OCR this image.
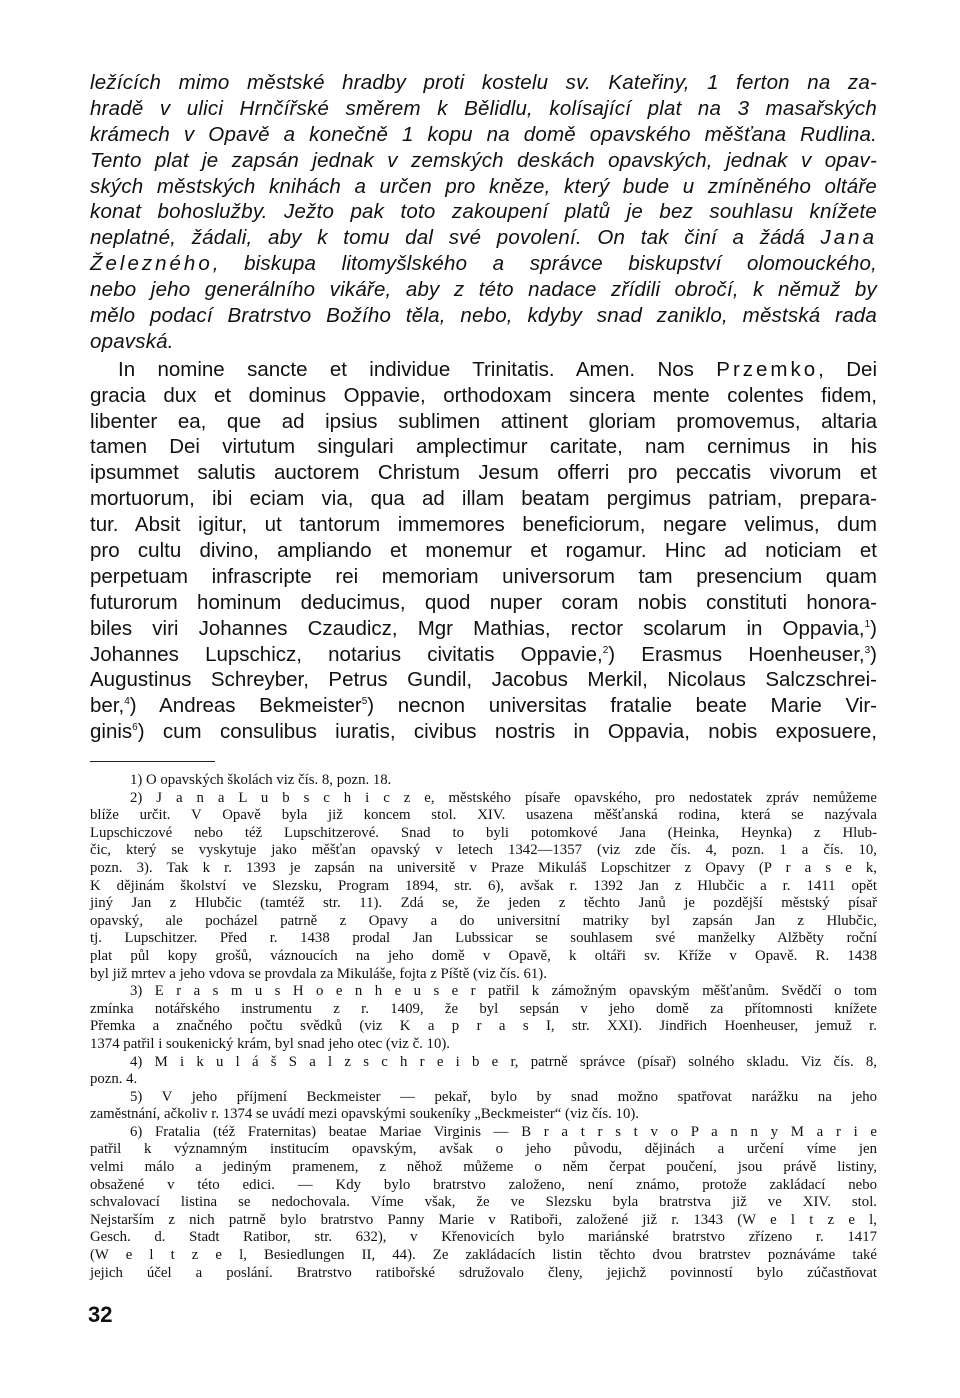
ležících mimo městské hradby proti kostelu sv. Kateřiny, 1 ferton na za-
hradě v ulici Hrnčířské směrem k Bělidlu, kolísající plat na 3 masařských
krámech v Opavě a konečně 1 kopu na domě opavského měšťana Rudlina.
Tento plat je zapsán jednak v zemských deskách opavských, jednak v opav-
ských městských knihách a určen pro kněze, který bude u zmíněného oltáře
konat bohoslužby. Ježto pak toto zakoupení platů je bez souhlasu knížete
neplatné, žádali, aby k tomu dal své povolení. On tak činí a žádá Jana
Železného, biskupa litomyšlského a správce biskupství olomouckého,
nebo jeho generálního vikáře, aby z této nadace zřídili obročí, k němuž by
mělo podací Bratrstvo Božího těla, nebo, kdyby snad zaniklo, městská rada
opavská.
In nomine sancte et individue Trinitatis. Amen. Nos Przemko, Dei
gracia dux et dominus Oppavie, orthodoxam sincera mente colentes fidem,
libenter ea, que ad ipsius sublimen attinent gloriam promovemus, altaria
tamen Dei virtutum singulari amplectimur caritate, nam cernimus in his
ipsummet salutis auctorem Christum Jesum offerri pro peccatis vivorum et
mortuorum, ibi eciam via, qua ad illam beatam pergimus patriam, prepara-
tur. Absit igitur, ut tantorum immemores beneficiorum, negare velimus, dum
pro cultu divino, ampliando et monemur et rogamur. Hinc ad noticiam et
perpetuam infrascripte rei memoriam universorum tam presencium quam
futurorum hominum deducimus, quod nuper coram nobis constituti honora-
biles viri Johannes Czaudicz, Mgr Mathias, rector scolarum in Oppavia,$^1$)
Johannes Lupschicz, notarius civitatis Oppavie,$^2$) Erasmus Hoenheuser,$^3$)
Augustinus Schreyber, Petrus Gundil, Jacobus Merkil, Nicolaus Salczschrei-
ber,$^4$) Andreas Bekmeister$^5$) necnon universitas fratalie beate Marie Vir-
ginis$^6$) cum consulibus iuratis, civibus nostris in Oppavia, nobis exposuere,
1) O opavských školách viz čís. 8, pozn. 18.
2) J a n a L u b s c h i c z e, městského písaře opavského, pro nedostatek zpráv nemůžeme
blíže určit. V Opavě byla již koncem stol. XIV. usazena měšťanská rodina, která se nazývala
Lupschiczové nebo též Lupschitzerové. Snad to byli potomkové Jana (Heinka, Heynka) z Hlub-
čic, který se vyskytuje jako měšťan opavský v letech 1342—1357 (viz zde čís. 4, pozn. 1 a čís. 10,
pozn. 3). Tak k r. 1393 je zapsán na universitě v Praze Mikuláš Lopschitzer z Opavy (P r a s e k,
K dějinám školství ve Slezsku, Program 1894, str. 6), avšak r. 1392 Jan z Hlubčic a r. 1411 opět
jiný Jan z Hlubčic (tamtéž str. 11). Zdá se, že jeden z těchto Janů je pozdější městský písař
opavský, ale pocházel patrně z Opavy a do universitní matriky byl zapsán Jan z Hlubčic,
tj. Lupschitzer. Před r. 1438 prodal Jan Lubssicar se souhlasem své manželky Alžběty roční
plat půl kopy grošů, váznoucích na jeho domě v Opavě, k oltáři sv. Kříže v Opavě. R. 1438
byl již mrtev a jeho vdova se provdala za Mikuláše, fojta z Píště (viz čís. 61).
3) E r a s m u s H o e n h e u s e r patřil k zámožným opavským měšťanům. Svědčí o tom
zmínka notářského instrumentu z r. 1409, že byl sepsán v jeho domě za přítomnosti knížete
Přemka a značného počtu svědků (viz K a p r a s I, str. XXI). Jindřich Hoenheuser, jemuž r.
1374 patřil i soukenický krám, byl snad jeho otec (viz č. 10).
4) M i k u l á š S a l z s c h r e i b e r, patrně správce (písař) solného skladu. Viz čís. 8,
pozn. 4.
5) V jeho příjmení Beckmeister — pekař, bylo by snad možno spatřovat narážku na jeho
zaměstnání, ačkoliv r. 1374 se uvádí mezi opavskými soukeníky „Beckmeister“ (viz čís. 10).
6) Fratalia (též Fraternitas) beatae Mariae Virginis — B r a t r s t v o P a n n y M a r i e
patřil k významným institucím opavským, avšak o jeho původu, dějinách a určení víme jen
velmi málo a jediným pramenem, z něhož můžeme o něm čerpat poučení, jsou právě listiny,
obsažené v této edici. — Kdy bylo bratrstvo založeno, není známo, protože zakládací nebo
schvalovací listina se nedochovala. Víme však, že ve Slezsku byla bratrstva již ve XIV. stol.
Nejstarším z nich patrně bylo bratrstvo Panny Marie v Ratiboři, založené již r. 1343 (W e l t z e l,
Gesch. d. Stadt Ratibor, str. 632), v Křenovicích bylo mariánské bratrstvo zřízeno r. 1417
(W e l t z e l, Besiedlungen II, 44). Ze zakládacích listin těchto dvou bratrstev poznáváme také
jejich účel a poslání. Bratrstvo ratibořské sdružovalo členy, jejichž povinností bylo zúčastňovat
32
